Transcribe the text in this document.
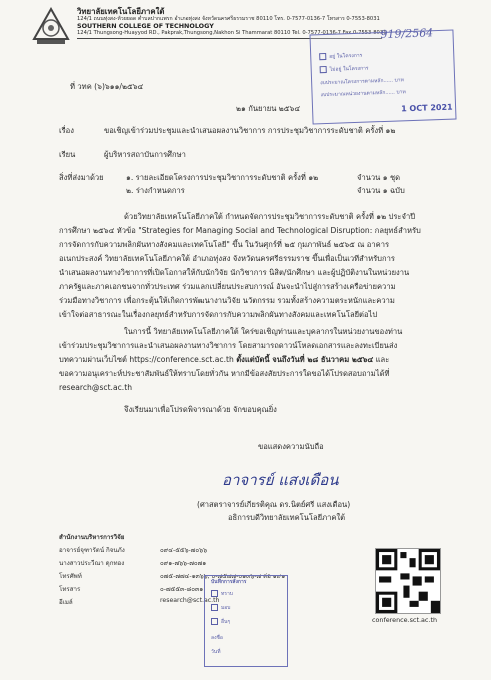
วิทยาลัยเทคโนโลยีภาคใต้
124/1 ถนนทุ่งสง-ห้วยยอด ตำบลปากแพรก อำเภอทุ่งสง จังหวัดนครศรีธรรมราช 80110 โทร. 0-7577-0136-7 โทรสาร 0-7553-8031
SOUTHERN COLLEGE OF TECHNOLOGY
124/1 Thungsong-Huayyod RD., Pakprak,Thungsong,Nakhon Si Thammarat 80110 Tel. 0-7577-0136-7 Fax 0-7553-8031
919/2564
อยู่ ในโครงการ
ไม่อยู่ ในโครงการ
งบประมาณโครงการตามหลัก...... บาท
งบประมาณหน่วยงานตามหลัก...... บาท
1 OCT 2021
ที่ วทค (๖)๖๑๑/๒๕๖๔
๒๑ กันยายน ๒๕๖๔
เรื่อง	ขอเชิญเข้าร่วมประชุมและนำเสนอผลงานวิชาการ การประชุมวิชาการระดับชาติ ครั้งที่ ๑๒
เรียน	ผู้บริหารสถาบันการศึกษา
สิ่งที่ส่งมาด้วย	๑. รายละเอียดโครงการประชุมวิชาการระดับชาติ ครั้งที่ ๑๒	จำนวน ๑ ชุด
๒. ร่างกำหนดการ	จำนวน ๑ ฉบับ
ด้วยวิทยาลัยเทคโนโลยีภาคใต้ กำหนดจัดการประชุมวิชาการระดับชาติ ครั้งที่ ๑๒ ประจำปี
การศึกษา ๒๕๖๔ หัวข้อ "Strategies for Managing Social and Technological Disruption: กลยุทธ์สำหรับ
การจัดการกับความพลิกผันทางสังคมและเทคโนโลยี" ขึ้น ในวันศุกร์ที่ ๒๕ กุมภาพันธ์ ๒๕๖๕ ณ อาคาร
อเนกประสงค์ วิทยาลัยเทคโนโลยีภาคใต้ อำเภอทุ่งสง จังหวัดนครศรีธรรมราช ขึ้นเพื่อเป็นเวทีสำหรับการ
นำเสนอผลงานทางวิชาการที่เปิดโอกาสให้กับนักวิจัย นักวิชาการ นิสิต/นักศึกษา และผู้ปฏิบัติงานในหน่วยงาน
ภาครัฐและภาคเอกชนจากทั่วประเทศ ร่วมแลกเปลี่ยนประสบการณ์ อันจะนำไปสู่การสร้างเครือข่ายความ
ร่วมมือทางวิชาการ เพื่อกระตุ้นให้เกิดการพัฒนางานวิจัย นวัตกรรม รวมทั้งสร้างความตระหนักและความ
เข้าใจต่อสาธารณะในเรื่องกลยุทธ์สำหรับการจัดการกับความพลิกผันทางสังคมและเทคโนโลยีต่อไป
ในการนี้ วิทยาลัยเทคโนโลยีภาคใต้ ใคร่ขอเชิญท่านและบุคลากรในหน่วยงานของท่าน
เข้าร่วมประชุมวิชาการและนำเสนอผลงานทางวิชาการ โดยสามารถดาวน์โหลดเอกสารและลงทะเบียนส่ง
บทความผ่านเว็บไซต์ https://conference.sct.ac.th ตั้งแต่บัดนี้ จนถึงวันที่ ๒๘ ธันวาคม ๒๕๖๔ และ
ขอความอนุเคราะห์ประชาสัมพันธ์ให้ทราบโดยทั่วกัน หากมีข้อสงสัยประการใดขอได้โปรดสอบถามได้ที่
research@sct.ac.th
จึงเรียนมาเพื่อโปรดพิจารณาด้วย จักขอบคุณยิ่ง
ขอแสดงความนับถือ
อาจารย์ แสงเดือน
(ศาสตราจารย์เกียรติคุณ ดร.นิตย์ศรี แสงเดือน)
อธิการบดีวิทยาลัยเทคโนโลยีภาคใต้
สำนักงานบริหารการวิจัย
อาจารย์จุฑารัตน์ กิจนภัง	๐๙๔-๕๕๖-๗๐๖๖
นางสาวประวีณา ดุกทอง	๐๙๑-๗๖๖-๗๐๗๑
โทรศัพท์	๐๗๕-๗๗๔-๑๓๖๖, ๐-๗๕๗๗-๐๑๓๖-๗ ต่อ ๑๙๑
โทรสาร	๐-๗๕๕๓-๘๐๓๑
อีเมล์	research@sct.ac.th
บันทึกการสั่งการ
ทราบ
มอบ
อื่นๆ
ลงชื่อ
วันที่
conference.sct.ac.th
